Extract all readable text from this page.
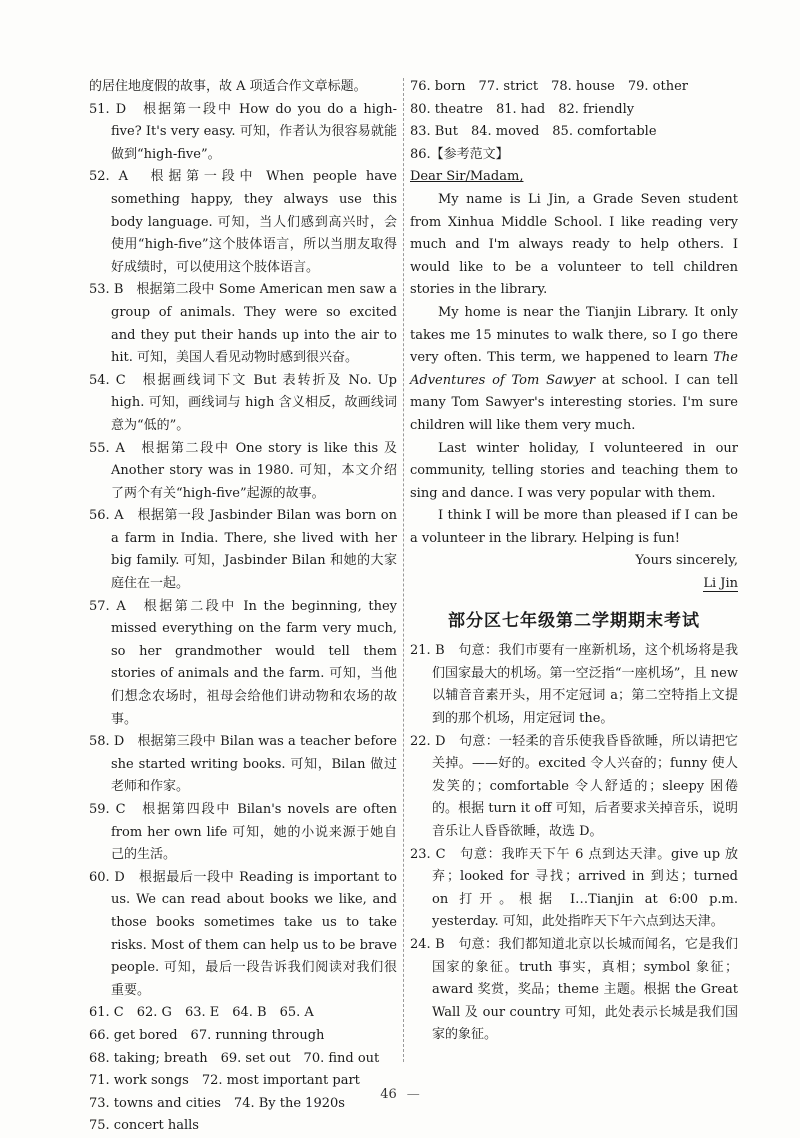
的居住地度假的故事，故 A 项适合作文章标题。

51. D　根据第一段中 How do you do a high-five? It's very easy. 可知，作者认为很容易就能做到“high-five”。

52. A　根据第一段中 When people have something happy, they always use this body language. 可知，当人们感到高兴时，会使用“high-five”这个肢体语言，所以当朋友取得好成绩时，可以使用这个肢体语言。

53. B　根据第二段中 Some American men saw a group of animals. They were so excited and they put their hands up into the air to hit. 可知，美国人看见动物时感到很兴奋。

54. C　根据画线词下文 But 表转折及 No. Up high. 可知，画线词与 high 含义相反，故画线词意为“低的”。

55. A　根据第二段中 One story is like this 及 Another story was in 1980. 可知，本文介绍了两个有关“high-five”起源的故事。

56. A　根据第一段 Jasbinder Bilan was born on a farm in India. There, she lived with her big family. 可知，Jasbinder Bilan 和她的大家庭住在一起。

57. A　根据第二段中 In the beginning, they missed everything on the farm very much, so her grandmother would tell them stories of animals and the farm. 可知，当他们想念农场时，祖母会给他们讲动物和农场的故事。

58. D　根据第三段中 Bilan was a teacher before she started writing books. 可知，Bilan 做过老师和作家。

59. C　根据第四段中 Bilan's novels are often from her own life 可知，她的小说来源于她自己的生活。

60. D　根据最后一段中 Reading is important to us. We can read about books we like, and those books sometimes take us to take risks. Most of them can help us to be brave people. 可知，最后一段告诉我们阅读对我们很重要。

61. C　62. G　63. E　64. B　65. A

66. get bored　67. running through

68. taking; breath　69. set out　70. find out

71. work songs　72. most important part

73. towns and cities　74. By the 1920s

75. concert halls

76. born　77. strict　78. house　79. other

80. theatre　81. had　82. friendly

83. But　84. moved　85. comfortable

86.【参考范文】

Dear Sir/Madam,

My name is Li Jin, a Grade Seven student from Xinhua Middle School. I like reading very much and I'm always ready to help others. I would like to be a volunteer to tell children stories in the library.

My home is near the Tianjin Library. It only takes me 15 minutes to walk there, so I go there very often. This term, we happened to learn The Adventures of Tom Sawyer at school. I can tell many Tom Sawyer's interesting stories. I'm sure children will like them very much.

Last winter holiday, I volunteered in our community, telling stories and teaching them to sing and dance. I was very popular with them.

I think I will be more than pleased if I can be a volunteer in the library. Helping is fun!

Yours sincerely,

Li Jin

部分区七年级第二学期期末考试

21. B　句意：我们市要有一座新机场，这个机场将是我们国家最大的机场。第一空泛指“一座机场”，且 new 以辅音音素开头，用不定冠词 a；第二空特指上文提到的那个机场，用定冠词 the。

22. D　句意：一轻柔的音乐使我昏昏欲睡，所以请把它关掉。——好的。excited 令人兴奋的；funny 使人发笑的；comfortable 令人舒适的；sleepy 困倦的。根据 turn it off 可知，后者要求关掉音乐，说明音乐让人昏昏欲睡，故选 D。

23. C　句意：我昨天下午 6 点到达天津。give up 放弃；looked for 寻找；arrived in 到达；turned on 打开。根据 I…Tianjin at 6:00 p.m. yesterday. 可知，此处指昨天下午六点到达天津。

24. B　句意：我们都知道北京以长城而闻名，它是我们国家的象征。truth 事实，真相；symbol 象征；award 奖赏，奖品；theme 主题。根据 the Great Wall 及 our country 可知，此处表示长城是我们国家的象征。

46 —
